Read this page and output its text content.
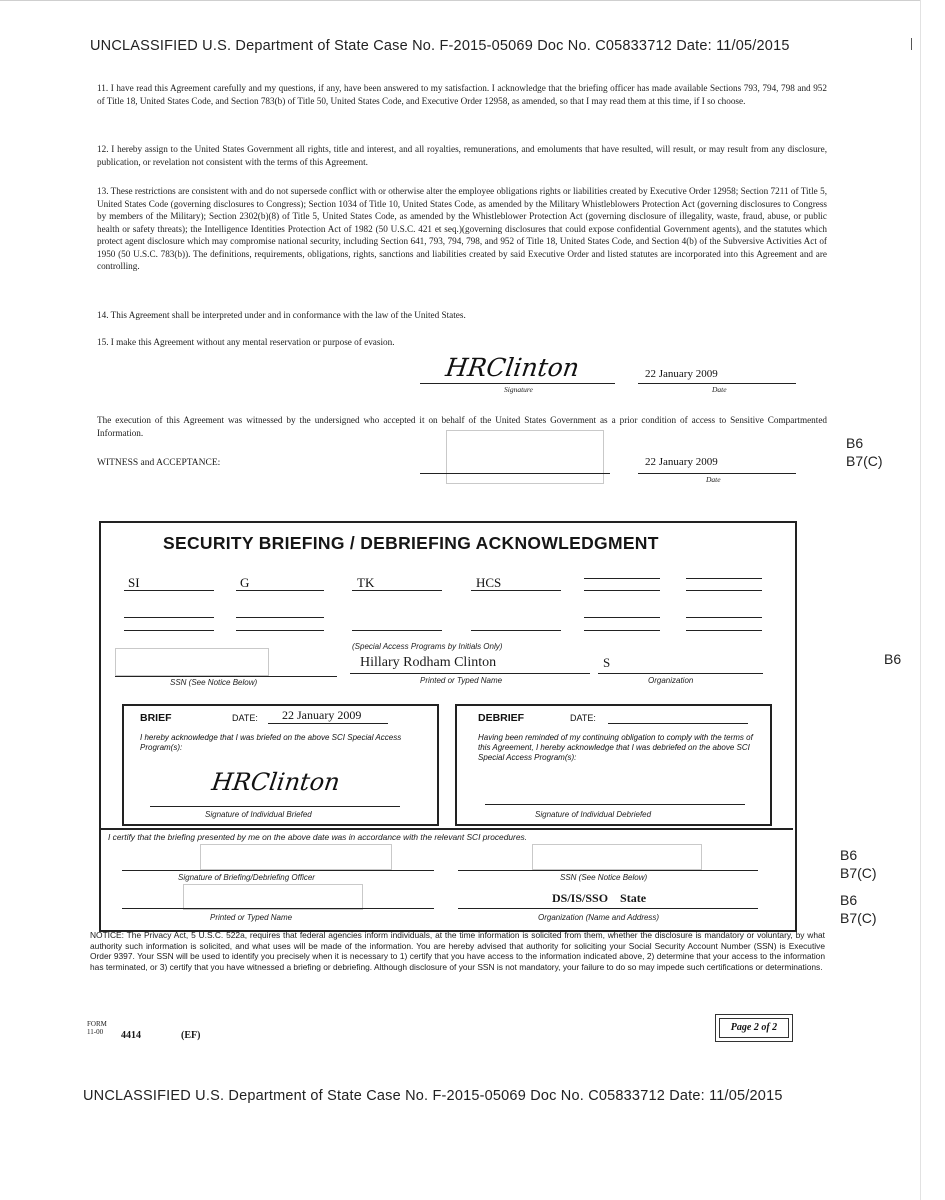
UNCLASSIFIED U.S. Department of State Case No. F-2015-05069 Doc No. C05833712 Date: 11/05/2015
11. I have read this Agreement carefully and my questions, if any, have been answered to my satisfaction. I acknowledge that the briefing officer has made available Sections 793, 794, 798 and 952 of Title 18, United States Code, and Section 783(b) of Title 50, United States Code, and Executive Order 12958, as amended, so that I may read them at this time, if I so choose.
12. I hereby assign to the United States Government all rights, title and interest, and all royalties, remunerations, and emoluments that have resulted, will result, or may result from any disclosure, publication, or revelation not consistent with the terms of this Agreement.
13. These restrictions are consistent with and do not supersede conflict with or otherwise alter the employee obligations rights or liabilities created by Executive Order 12958; Section 7211 of Title 5, United States Code (governing disclosures to Congress); Section 1034 of Title 10, United States Code, as amended by the Military Whistleblowers Protection Act (governing disclosures to Congress by members of the Military); Section 2302(b)(8) of Title 5, United States Code, as amended by the Whistleblower Protection Act (governing disclosure of illegality, waste, fraud, abuse, or public health or safety threats); the Intelligence Identities Protection Act of 1982 (50 U.S.C. 421 et seq.)(governing disclosures that could expose confidential Government agents), and the statutes which protect agent disclosure which may compromise national security, including Section 641, 793, 794, 798, and 952 of Title 18, United States Code, and Section 4(b) of the Subversive Activities Act of 1950 (50 U.S.C. 783(b)). The definitions, requirements, obligations, rights, sanctions and liabilities created by said Executive Order and listed statutes are incorporated into this Agreement and are controlling.
14. This Agreement shall be interpreted under and in conformance with the law of the United States.
15. I make this Agreement without any mental reservation or purpose of evasion.
HRClinton
Signature
22 January 2009
Date
The execution of this Agreement was witnessed by the undersigned who accepted it on behalf of the United States Government as a prior condition of access to Sensitive Compartmented Information.
WITNESS and ACCEPTANCE:	22 January 2009
Date
B6
B7(C)
B6
B6
B7(C)
B6
B7(C)
SECURITY BRIEFING / DEBRIEFING ACKNOWLEDGMENT
SI	G	TK	HCS
(Special Access Programs by Initials Only)
SSN (See Notice Below)
Hillary Rodham Clinton
Printed or Typed Name
S
Organization
BRIEF	DATE: 22 January 2009
I hereby acknowledge that I was briefed on the above SCI Special Access Program(s):
HRClinton
Signature of Individual Briefed
DEBRIEF	DATE:
Having been reminded of my continuing obligation to comply with the terms of this Agreement, I hereby acknowledge that I was debriefed on the above SCI Special Access Program(s):
Signature of Individual Debriefed
I certify that the briefing presented by me on the above date was in accordance with the relevant SCI procedures.
Signature of Briefing/Debriefing Officer	SSN (See Notice Below)
DS/IS/SSO    State
Printed or Typed Name	Organization (Name and Address)
NOTICE: The Privacy Act, 5 U.S.C. 522a, requires that federal agencies inform individuals, at the time information is solicited from them, whether the disclosure is mandatory or voluntary, by what authority such information is solicited, and what uses will be made of the information. You are hereby advised that authority for soliciting your Social Security Account Number (SSN) is Executive Order 9397. Your SSN will be used to identify you precisely when it is necessary to 1) certify that you have access to the information indicated above, 2) determine that your access to the information has terminated, or 3) certify that you have witnessed a briefing or debriefing. Although disclosure of your SSN is not mandatory, your failure to do so may impede such certifications or determinations.
FORM
11-00	4414	(EF)
Page 2 of 2
UNCLASSIFIED U.S. Department of State Case No. F-2015-05069 Doc No. C05833712 Date: 11/05/2015
